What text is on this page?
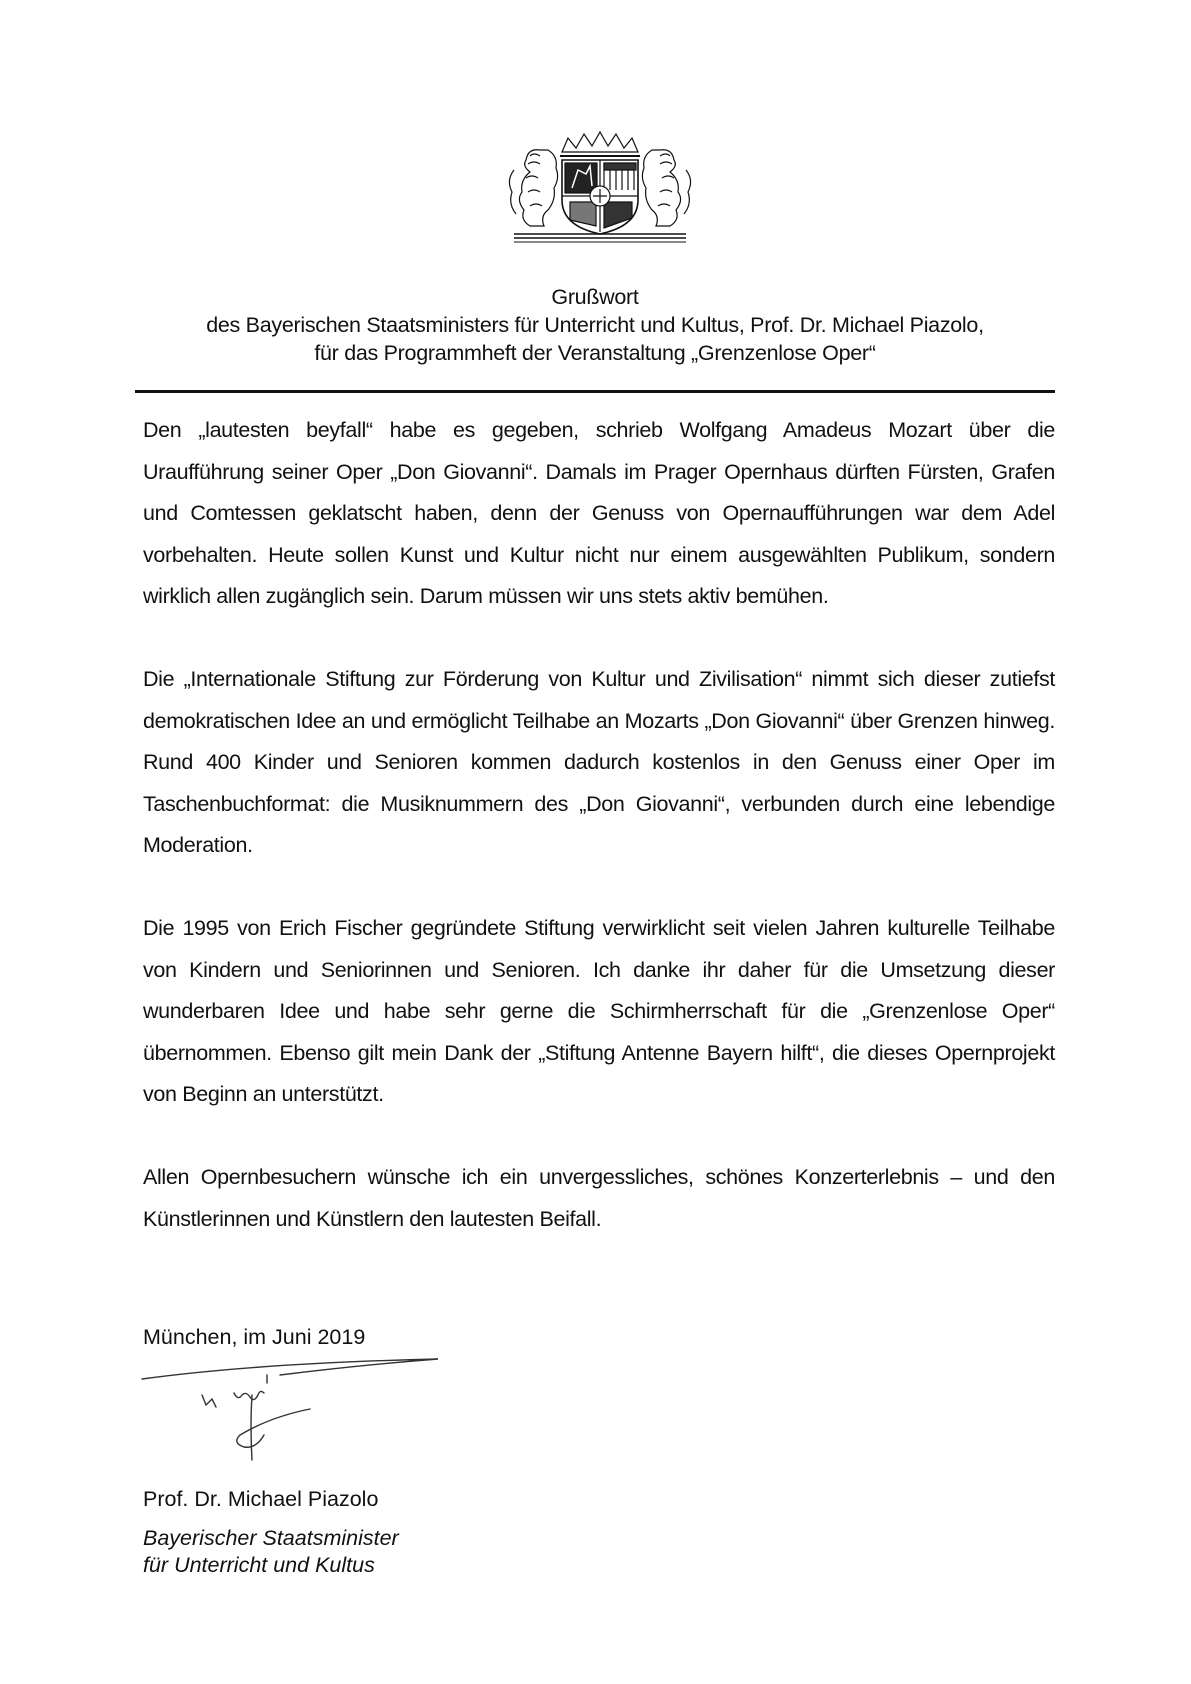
Grußwort
des Bayerischen Staatsministers für Unterricht und Kultus, Prof. Dr. Michael Piazolo,
für das Programmheft der Veranstaltung „Grenzenlose Oper“

Den „lautesten beyfall“ habe es gegeben, schrieb Wolfgang Amadeus Mozart über die Uraufführung seiner Oper „Don Giovanni“. Damals im Prager Opernhaus dürften Fürsten, Grafen und Comtessen geklatscht haben, denn der Genuss von Opernaufführungen war dem Adel vorbehalten. Heute sollen Kunst und Kultur nicht nur einem ausgewählten Publikum, sondern wirklich allen zugänglich sein. Darum müssen wir uns stets aktiv bemühen.

Die „Internationale Stiftung zur Förderung von Kultur und Zivilisation“ nimmt sich dieser zutiefst demokratischen Idee an und ermöglicht Teilhabe an Mozarts „Don Giovanni“ über Grenzen hinweg. Rund 400 Kinder und Senioren kommen dadurch kostenlos in den Genuss einer Oper im Taschenbuchformat: die Musiknummern des „Don Giovanni“, verbunden durch eine lebendige Moderation.

Die 1995 von Erich Fischer gegründete Stiftung verwirklicht seit vielen Jahren kulturelle Teilhabe von Kindern und Seniorinnen und Senioren. Ich danke ihr daher für die Umsetzung dieser wunderbaren Idee und habe sehr gerne die Schirmherrschaft für die „Grenzenlose Oper“ übernommen. Ebenso gilt mein Dank der „Stiftung Antenne Bayern hilft“, die dieses Opernprojekt von Beginn an unterstützt.

Allen Opernbesuchern wünsche ich ein unvergessliches, schönes Konzerterlebnis – und den Künstlerinnen und Künstlern den lautesten Beifall.

München, im Juni 2019
Prof. Dr. Michael Piazolo
Bayerischer Staatsminister
für Unterricht und Kultus
